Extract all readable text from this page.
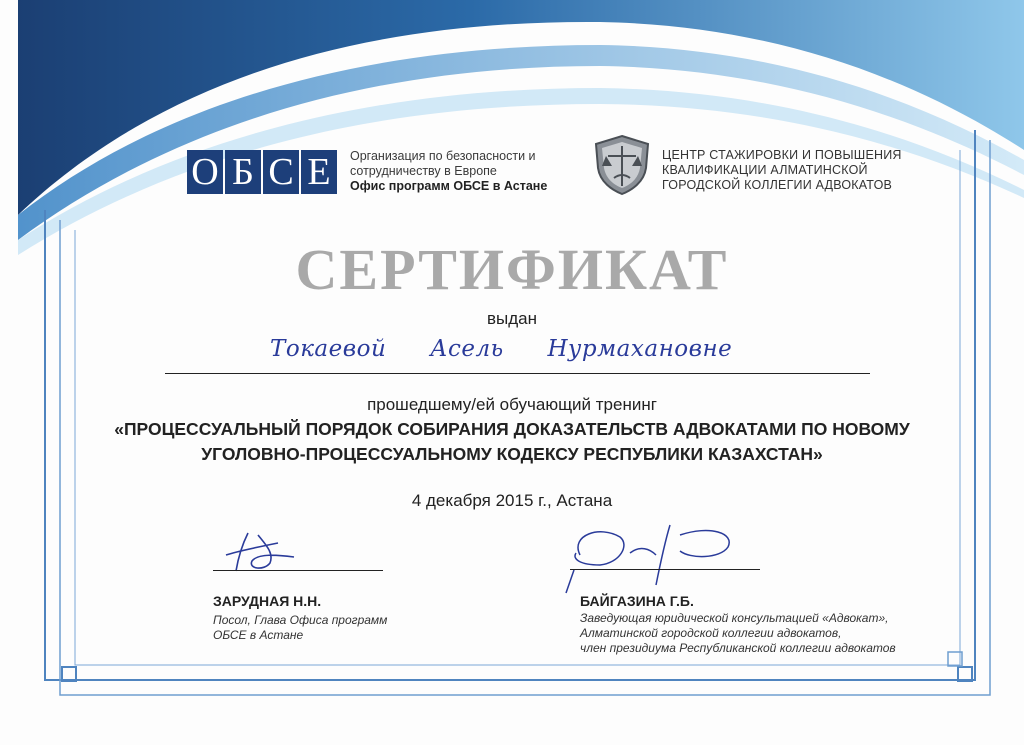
О Б С Е	Организация по безопасности и
сотрудничеству в Европе
Офис программ ОБСЕ в Астане
ЦЕНТР СТАЖИРОВКИ И ПОВЫШЕНИЯ
КВАЛИФИКАЦИИ АЛМАТИНСКОЙ
ГОРОДСКОЙ КОЛЛЕГИИ АДВОКАТОВ
СЕРТИФИКАТ
выдан
Токаевой Асель Нурмахановне
прошедшему/ей обучающий тренинг
«ПРОЦЕССУАЛЬНЫЙ ПОРЯДОК СОБИРАНИЯ ДОКАЗАТЕЛЬСТВ АДВОКАТАМИ ПО НОВОМУ
УГОЛОВНО-ПРОЦЕССУАЛЬНОМУ КОДЕКСУ РЕСПУБЛИКИ КАЗАХСТАН»
4 декабря 2015 г., Астана
ЗАРУДНАЯ Н.Н.
Посол, Глава Офиса программ
ОБСЕ в Астане
БАЙГАЗИНА Г.Б.
Заведующая юридической консультацией «Адвокат»,
Алматинской городской коллегии адвокатов,
член президиума Республиканской коллегии адвокатов
